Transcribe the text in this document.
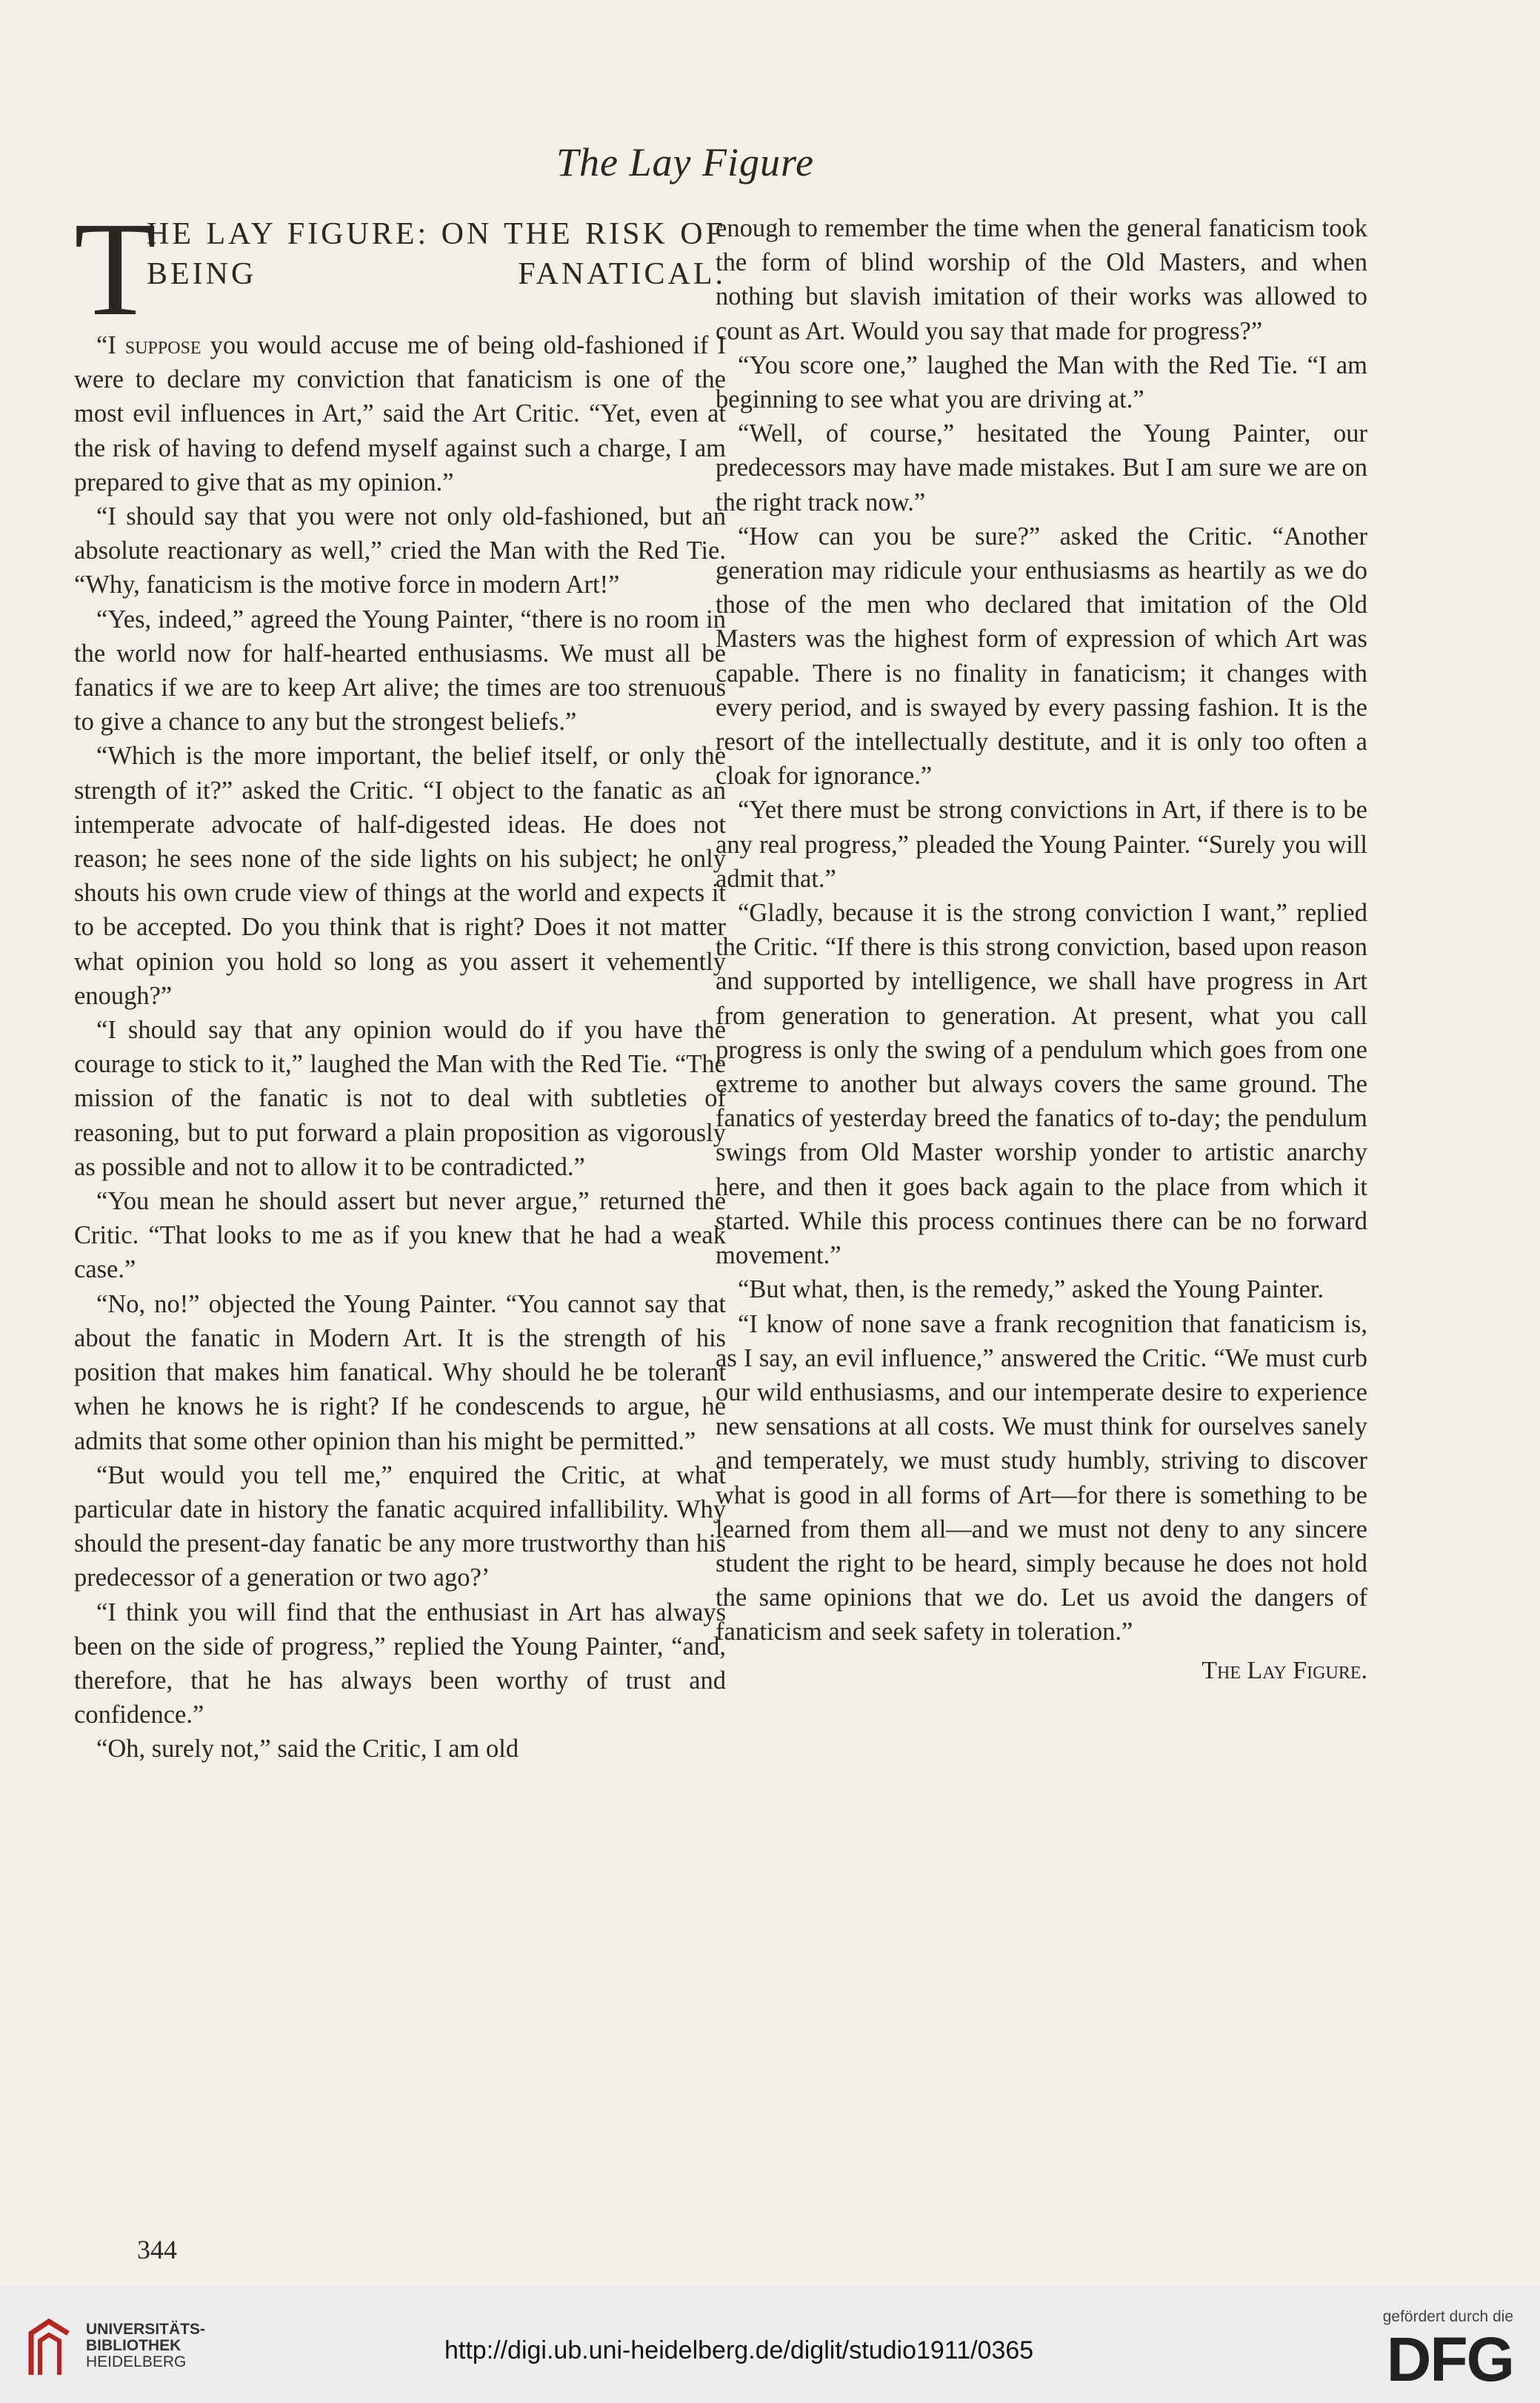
The Lay Figure
T
HE LAY FIGURE: ON THE RISK OF BEING FANATICAL.

“I suppose you would accuse me of being old-fashioned if I were to declare my conviction that fanaticism is one of the most evil influences in Art,” said the Art Critic. “Yet, even at the risk of having to defend myself against such a charge, I am prepared to give that as my opinion.”

“I should say that you were not only old-fashioned, but an absolute reactionary as well,” cried the Man with the Red Tie. “Why, fanaticism is the motive force in modern Art!”

“Yes, indeed,” agreed the Young Painter, “there is no room in the world now for half-hearted enthusiasms. We must all be fanatics if we are to keep Art alive; the times are too strenuous to give a chance to any but the strongest beliefs.”

“Which is the more important, the belief itself, or only the strength of it?” asked the Critic. “I object to the fanatic as an intemperate advocate of half-digested ideas. He does not reason; he sees none of the side lights on his subject; he only shouts his own crude view of things at the world and expects it to be accepted. Do you think that is right? Does it not matter what opinion you hold so long as you assert it vehemently enough?”

“I should say that any opinion would do if you have the courage to stick to it,” laughed the Man with the Red Tie. “The mission of the fanatic is not to deal with subtleties of reasoning, but to put forward a plain proposition as vigorously as possible and not to allow it to be contradicted.”

“You mean he should assert but never argue,” returned the Critic. “That looks to me as if you knew that he had a weak case.”

“No, no!” objected the Young Painter. “You cannot say that about the fanatic in Modern Art. It is the strength of his position that makes him fanatical. Why should he be tolerant when he knows he is right? If he condescends to argue, he admits that some other opinion than his might be permitted.”

“But would you tell me,” enquired the Critic, at what particular date in history the fanatic acquired infallibility. Why should the present-day fanatic be any more trustworthy than his predecessor of a generation or two ago?’

“I think you will find that the enthusiast in Art has always been on the side of progress,” replied the Young Painter, “and, therefore, that he has always been worthy of trust and confidence.”

“Oh, surely not,” said the Critic, I am old

enough to remember the time when the general fanaticism took the form of blind worship of the Old Masters, and when nothing but slavish imitation of their works was allowed to count as Art. Would you say that made for progress?”

“You score one,” laughed the Man with the Red Tie. “I am beginning to see what you are driving at.”

“Well, of course,” hesitated the Young Painter, our predecessors may have made mistakes. But I am sure we are on the right track now.”

“How can you be sure?” asked the Critic. “Another generation may ridicule your enthusiasms as heartily as we do those of the men who declared that imitation of the Old Masters was the highest form of expression of which Art was capable. There is no finality in fanaticism; it changes with every period, and is swayed by every passing fashion. It is the resort of the intellectually destitute, and it is only too often a cloak for ignorance.”

“Yet there must be strong convictions in Art, if there is to be any real progress,” pleaded the Young Painter. “Surely you will admit that.”

“Gladly, because it is the strong conviction I want,” replied the Critic. “If there is this strong conviction, based upon reason and supported by intelligence, we shall have progress in Art from generation to generation. At present, what you call progress is only the swing of a pendulum which goes from one extreme to another but always covers the same ground. The fanatics of yesterday breed the fanatics of to-day; the pendulum swings from Old Master worship yonder to artistic anarchy here, and then it goes back again to the place from which it started. While this process continues there can be no forward movement.”

“But what, then, is the remedy,” asked the Young Painter.

“I know of none save a frank recognition that fanaticism is, as I say, an evil influence,” answered the Critic. “We must curb our wild enthusiasms, and our intemperate desire to experience new sensations at all costs. We must think for ourselves sanely and temperately, we must study humbly, striving to discover what is good in all forms of Art—for there is something to be learned from them all—and we must not deny to any sincere student the right to be heard, simply because he does not hold the same opinions that we do. Let us avoid the dangers of fanaticism and seek safety in toleration.”

The Lay Figure.
344
UNIVERSITÄTS-
BIBLIOTHEK
HEIDELBERG	http://digi.ub.uni-heidelberg.de/diglit/studio1911/0365
gefördert durch die
DFG
